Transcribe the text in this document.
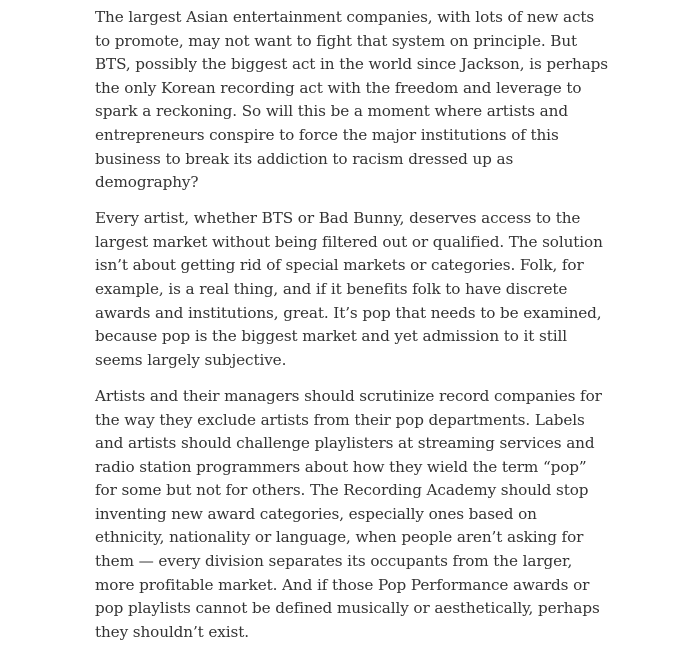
The largest Asian entertainment companies, with lots of new acts
to promote, may not want to fight that system on principle. But
BTS, possibly the biggest act in the world since Jackson, is perhaps
the only Korean recording act with the freedom and leverage to
spark a reckoning. So will this be a moment where artists and
entrepreneurs conspire to force the major institutions of this
business to break its addiction to racism dressed up as
demography?

Every artist, whether BTS or Bad Bunny, deserves access to the
largest market without being filtered out or qualified. The solution
isn’t about getting rid of special markets or categories. Folk, for
example, is a real thing, and if it benefits folk to have discrete
awards and institutions, great. It’s pop that needs to be examined,
because pop is the biggest market and yet admission to it still
seems largely subjective.

Artists and their managers should scrutinize record companies for
the way they exclude artists from their pop departments. Labels
and artists should challenge playlisters at streaming services and
radio station programmers about how they wield the term “pop”
for some but not for others. The Recording Academy should stop
inventing new award categories, especially ones based on
ethnicity, nationality or language, when people aren’t asking for
them — every division separates its occupants from the larger,
more profitable market. And if those Pop Performance awards or
pop playlists cannot be defined musically or aesthetically, perhaps
they shouldn’t exist.
